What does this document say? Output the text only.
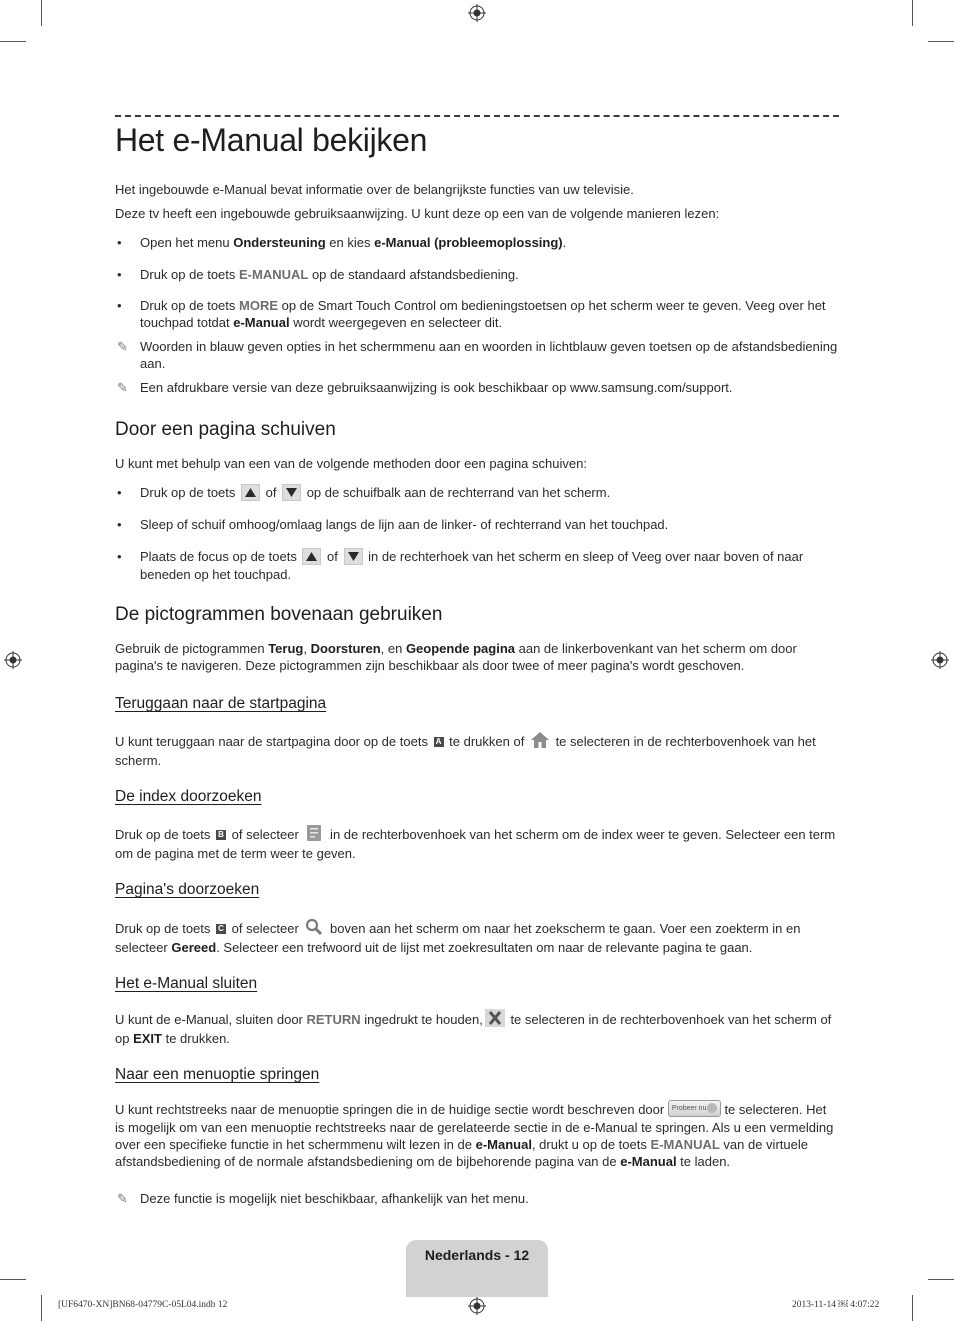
Het e-Manual bekijken

Het ingebouwde e-Manual bevat informatie over de belangrijkste functies van uw televisie.

Deze tv heeft een ingebouwde gebruiksaanwijzing. U kunt deze op een van de volgende manieren lezen:

• Open het menu Ondersteuning en kies e-Manual (probleemoplossing).
• Druk op de toets E-MANUAL op de standaard afstandsbediening.
• Druk op de toets MORE op de Smart Touch Control om bedieningstoetsen op het scherm weer te geven. Veeg over het touchpad totdat e-Manual wordt weergegeven en selecteer dit.
✎ Woorden in blauw geven opties in het schermmenu aan en woorden in lichtblauw geven toetsen op de afstandsbediening aan.
✎ Een afdrukbare versie van deze gebruiksaanwijzing is ook beschikbaar op www.samsung.com/support.
Door een pagina schuiven

U kunt met behulp van een van de volgende methoden door een pagina schuiven:

• Druk op de toets
of
op de schuifbalk aan de rechterrand van het scherm.
• Sleep of schuif omhoog/omlaag langs de lijn aan de linker- of rechterrand van het touchpad.
• Plaats de focus op de toets
of
in de rechterhoek van het scherm en sleep of Veeg over naar boven of naar beneden op het touchpad.
De pictogrammen bovenaan gebruiken

Gebruik de pictogrammen Terug, Doorsturen, en Geopende pagina aan de linkerbovenkant van het scherm om door pagina's te navigeren. Deze pictogrammen zijn beschikbaar als door twee of meer pagina's wordt geschoven.

Teruggaan naar de startpagina

U kunt teruggaan naar de startpagina door op de toets A te drukken of  te selecteren in de rechterbovenhoek van het scherm.

De index doorzoeken

Druk op de toets B of selecteer  in de rechterbovenhoek van het scherm om de index weer te geven. Selecteer een term om de pagina met de term weer te geven.

Pagina's doorzoeken

Druk op de toets C of selecteer  boven aan het scherm om naar het zoekscherm te gaan. Voer een zoekterm in en selecteer Gereed. Selecteer een trefwoord uit de lijst met zoekresultaten om naar de relevante pagina te gaan.

Het e-Manual sluiten

U kunt de e-Manual, sluiten door RETURN ingedrukt te houden, te selecteren in de rechterbovenhoek van het scherm of op EXIT te drukken.

Naar een menuoptie springen

U kunt rechtstreeks naar de menuoptie springen die in de huidige sectie wordt beschreven door Probeer nu
te selecteren. Het is mogelijk om van een menuoptie rechtstreeks naar de gerelateerde sectie in de e-Manual te springen. Als u een vermelding over een specifieke functie in het schermmenu wilt lezen in de e-Manual, drukt u op de toets E-MANUAL van de virtuele afstandsbediening of de normale afstandsbediening om de bijbehorende pagina van de e-Manual te laden.

✎ Deze functie is mogelijk niet beschikbaar, afhankelijk van het menu.
Nederlands - 12
[UF6470-XN]BN68-04779C-05L04.indb 12	2013-11-14 ￼ 4:07:22
